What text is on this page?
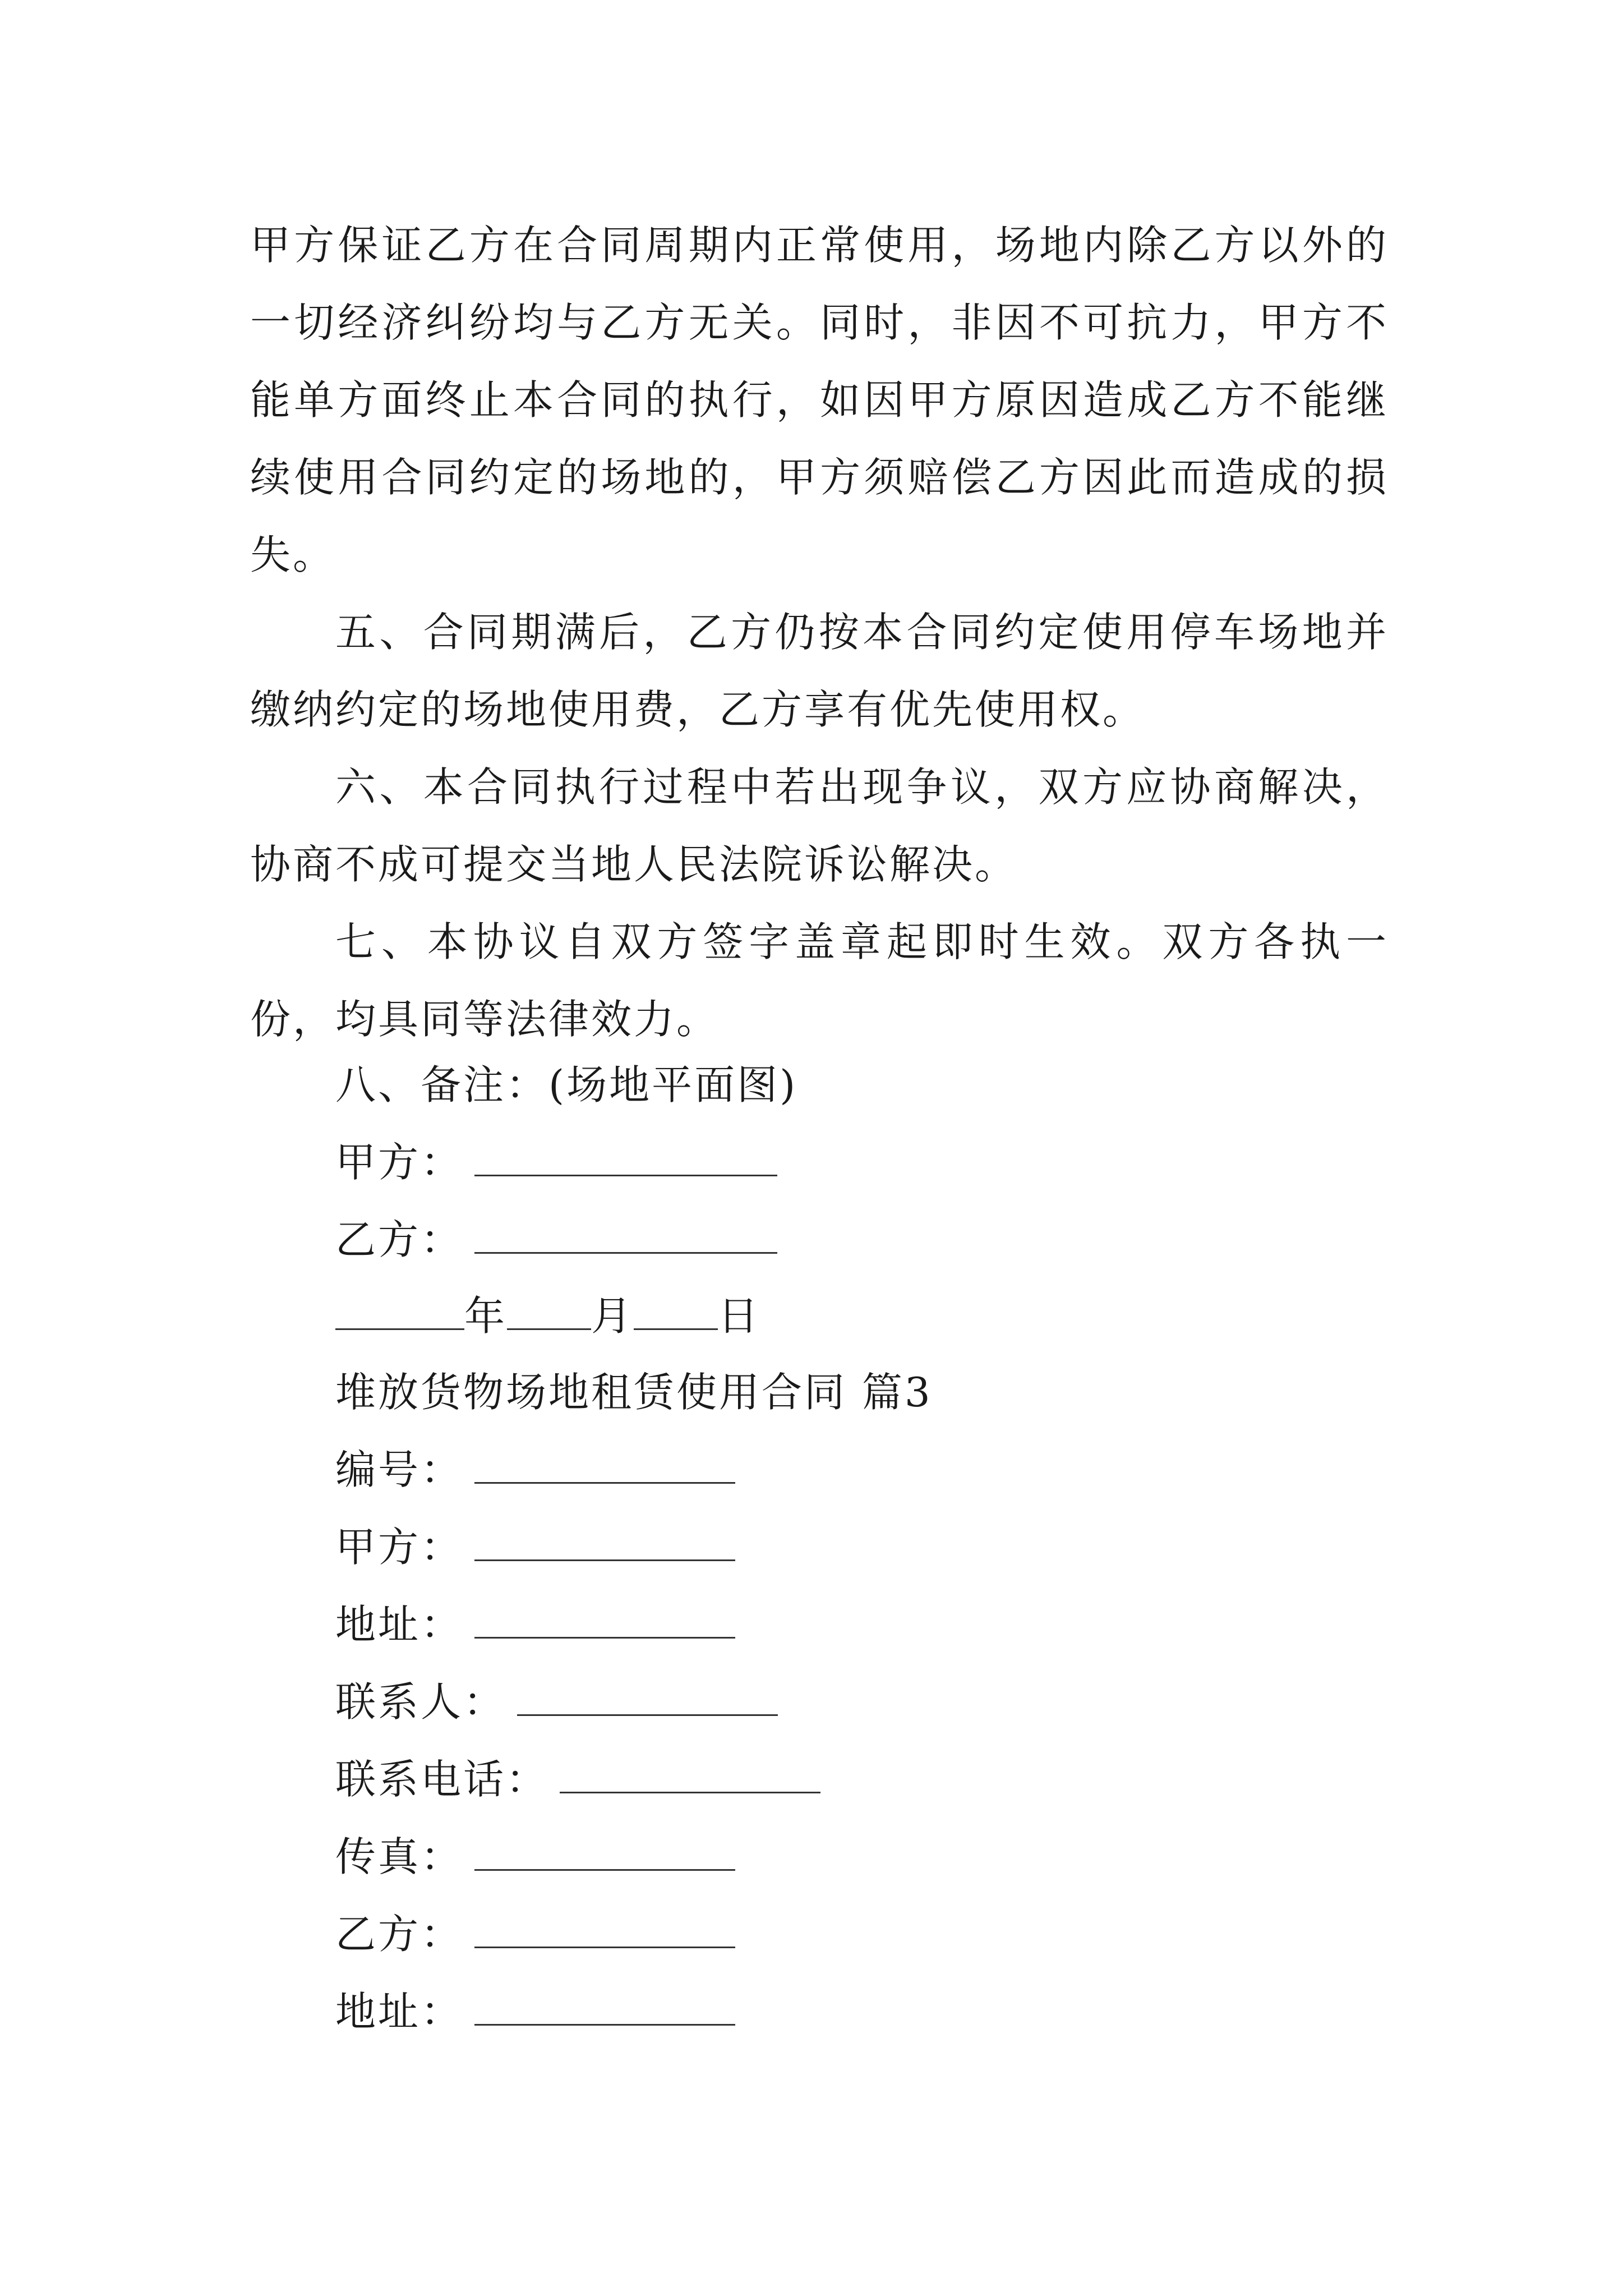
甲方保证乙方在合同周期内正常使用，场地内除乙方以外的一切经济纠纷均与乙方无关。同时，非因不可抗力，甲方不能单方面终止本合同的执行，如因甲方原因造成乙方不能继续使用合同约定的场地的，甲方须赔偿乙方因此而造成的损失。

五、合同期满后，乙方仍按本合同约定使用停车场地并缴纳约定的场地使用费，乙方享有优先使用权。

六、本合同执行过程中若出现争议，双方应协商解决，协商不成可提交当地人民法院诉讼解决。

七、本协议自双方签字盖章起即时生效。双方各执一份，均具同等法律效力。

八、备注：(场地平面图)

甲方：

乙方：

年 月 日

堆放货物场地租赁使用合同 篇3

编号：

甲方：

地址：

联系人：

联系电话：

传真：

乙方：

地址：
